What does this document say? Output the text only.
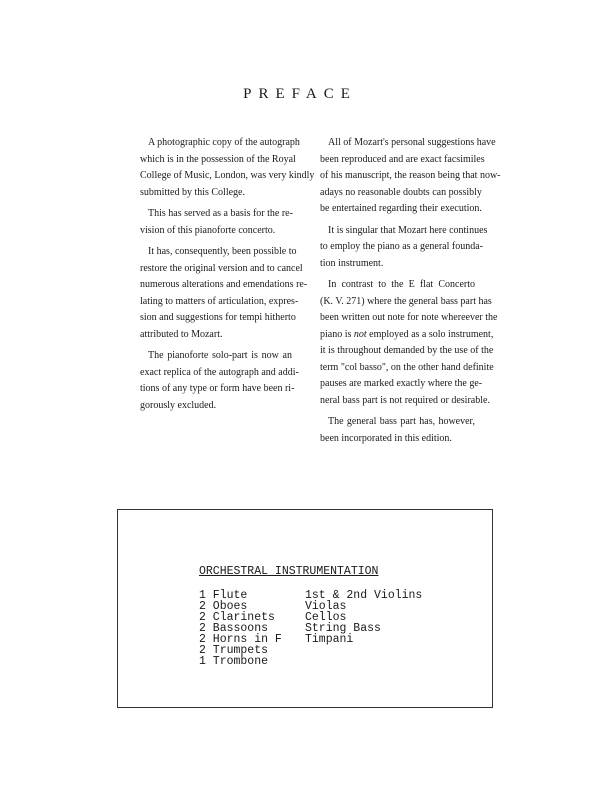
PREFACE
A photographic copy of the autograph
which is in the possession of the Royal
College of Music, London, was very kindly
submitted by this College.
This has served as a basis for the re-
vision of this pianoforte concerto.
It has, consequently, been possible to
restore the original version and to cancel
numerous alterations and emendations re-
lating to matters of articulation, expres-
sion and suggestions for tempi hitherto
attributed to Mozart.
The pianoforte solo-part is now an
exact replica of the autograph and addi-
tions of any type or form have been ri-
gorously excluded.
All of Mozart's personal suggestions have
been reproduced and are exact facsimiles
of his manuscript, the reason being that now-
adays no reasonable doubts can possibly
be entertained regarding their execution.
It is singular that Mozart here continues
to employ the piano as a general founda-
tion instrument.
In contrast to the E flat Concerto
(K. V. 271) where the general bass part has
been written out note for note whereever the
piano is not employed as a solo instrument,
it is throughout demanded by the use of the
term "col basso", on the other hand definite
pauses are marked exactly where the ge-
neral bass part is not required or desirable.
The general bass part has, however,
been incorporated in this edition.
ORCHESTRAL INSTRUMENTATION
1 Flute
2 Oboes
2 Clarinets
2 Bassoons
2 Horns in F
2 Trumpets
1 Trombone
1st & 2nd Violins
Violas
Cellos
String Bass
Timpani
